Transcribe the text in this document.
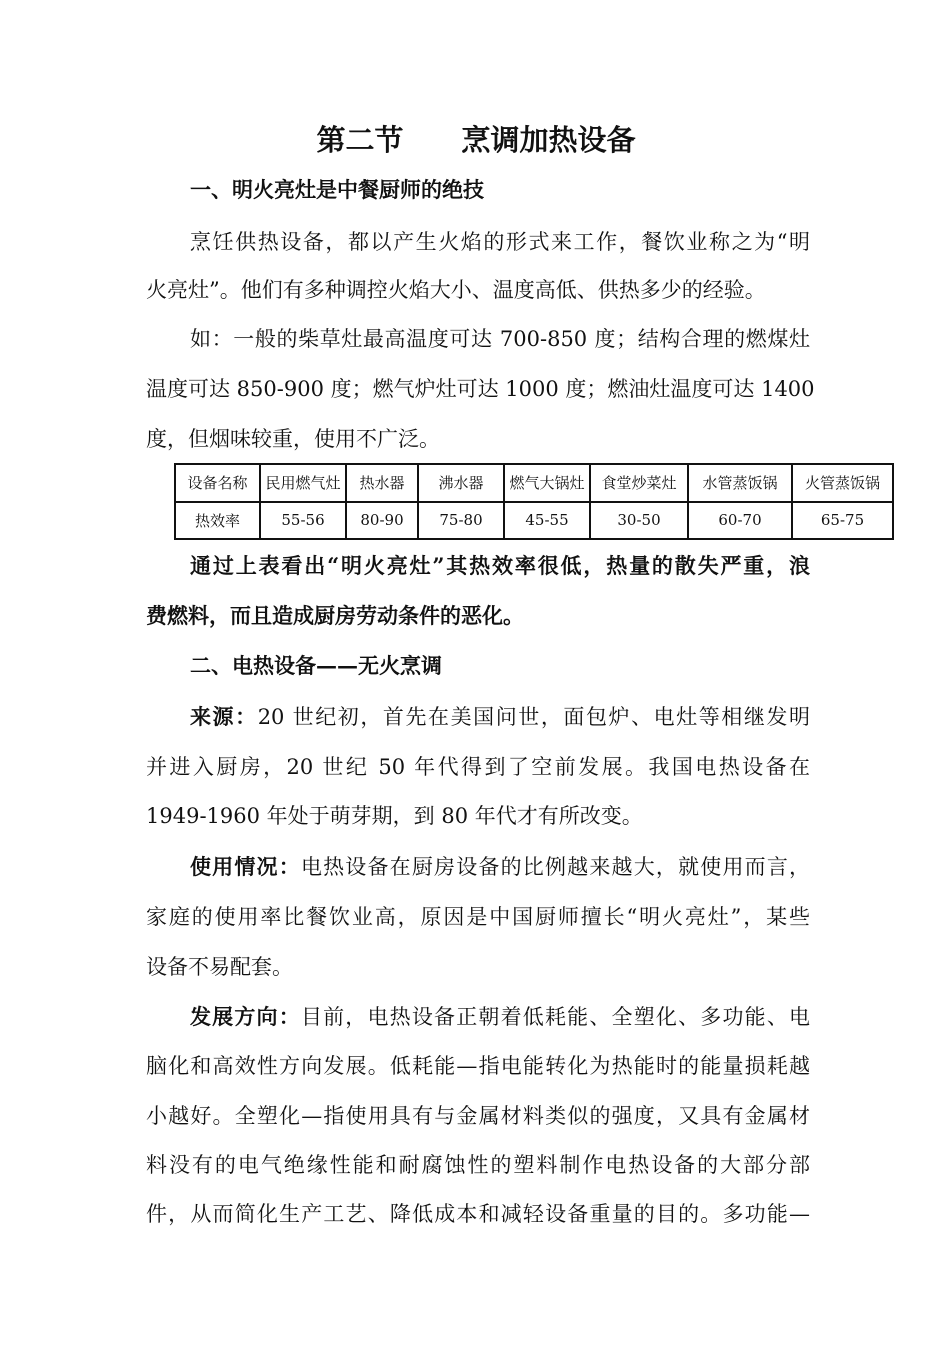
第二节　　烹调加热设备
一、明火亮灶是中餐厨师的绝技
烹饪供热设备，都以产生火焰的形式来工作，餐饮业称之为“明
火亮灶”。他们有多种调控火焰大小、温度高低、供热多少的经验。
如：一般的柴草灶最高温度可达 700-850 度；结构合理的燃煤灶
温度可达 850-900 度；燃气炉灶可达 1000 度；燃油灶温度可达 1400
度，但烟味较重，使用不广泛。
设备名称	民用燃气灶	热水器	沸水器	燃气大锅灶	食堂炒菜灶	水管蒸饭锅	火管蒸饭锅
热效率	55-56	80-90	75-80	45-55	30-50	60-70	65-75
通过上表看出“明火亮灶”其热效率很低，热量的散失严重，浪
费燃料，而且造成厨房劳动条件的恶化。
二、电热设备——无火烹调
来源：20 世纪初，首先在美国问世，面包炉、电灶等相继发明
并进入厨房，20 世纪 50 年代得到了空前发展。我国电热设备在
1949-1960 年处于萌芽期，到 80 年代才有所改变。
使用情况：电热设备在厨房设备的比例越来越大，就使用而言，
家庭的使用率比餐饮业高，原因是中国厨师擅长“明火亮灶”，某些
设备不易配套。
发展方向：目前，电热设备正朝着低耗能、全塑化、多功能、电
脑化和高效性方向发展。低耗能—指电能转化为热能时的能量损耗越
小越好。全塑化—指使用具有与金属材料类似的强度，又具有金属材
料没有的电气绝缘性能和耐腐蚀性的塑料制作电热设备的大部分部
件，从而简化生产工艺、降低成本和减轻设备重量的目的。多功能—
